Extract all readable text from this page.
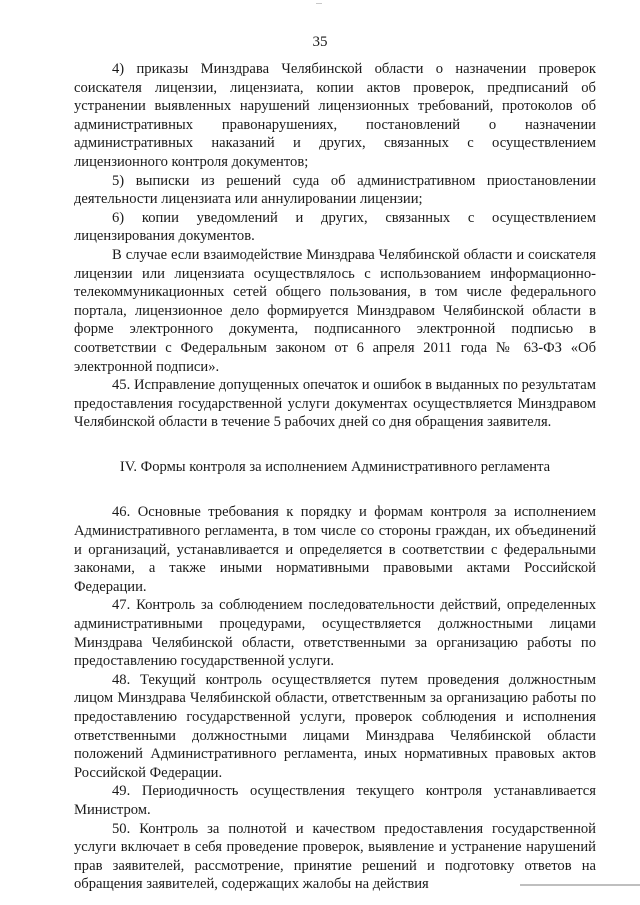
35

4) приказы Минздрава Челябинской области о назначении проверок соискателя лицензии, лицензиата, копии актов проверок, предписаний об устранении выявленных нарушений лицензионных требований, протоколов об административных правонарушениях, постановлений о назначении административных наказаний и других, связанных с осуществлением лицензионного контроля документов;

5) выписки из решений суда об административном приостановлении деятельности лицензиата или аннулировании лицензии;

6) копии уведомлений и других, связанных с осуществлением лицензирования документов.

В случае если взаимодействие Минздрава Челябинской области и соискателя лицензии или лицензиата осуществлялось с использованием информационно-телекоммуникационных сетей общего пользования, в том числе федерального портала, лицензионное дело формируется Минздравом Челябинской области в форме электронного документа, подписанного электронной подписью в соответствии с Федеральным законом от 6 апреля 2011 года № 63-ФЗ «Об электронной подписи».

45. Исправление допущенных опечаток и ошибок в выданных по результатам предоставления государственной услуги документах осуществляется Минздравом Челябинской области в течение 5 рабочих дней со дня обращения заявителя.

IV. Формы контроля за исполнением Административного регламента

46. Основные требования к порядку и формам контроля за исполнением Административного регламента, в том числе со стороны граждан, их объединений и организаций, устанавливается и определяется в соответствии с федеральными законами, а также иными нормативными правовыми актами Российской Федерации.

47. Контроль за соблюдением последовательности действий, определенных административными процедурами, осуществляется должностными лицами Минздрава Челябинской области, ответственными за организацию работы по предоставлению государственной услуги.

48. Текущий контроль осуществляется путем проведения должностным лицом Минздрава Челябинской области, ответственным за организацию работы по предоставлению государственной услуги, проверок соблюдения и исполнения ответственными должностными лицами Минздрава Челябинской области положений Административного регламента, иных нормативных правовых актов Российской Федерации.

49. Периодичность осуществления текущего контроля устанавливается Министром.

50. Контроль за полнотой и качеством предоставления государственной услуги включает в себя проведение проверок, выявление и устранение нарушений прав заявителей, рассмотрение, принятие решений и подготовку ответов на обращения заявителей, содержащих жалобы на действия
